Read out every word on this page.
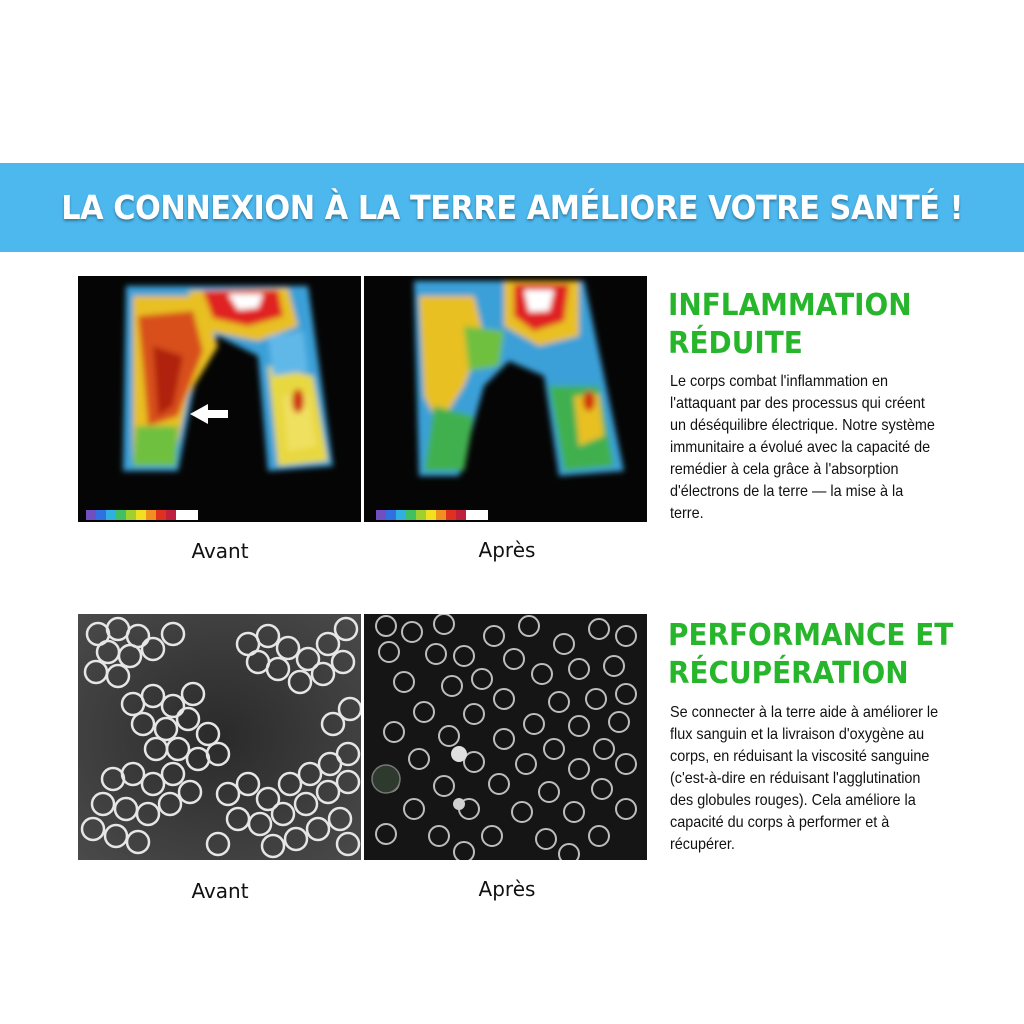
LA CONNEXION À LA TERRE AMÉLIORE VOTRE SANTÉ !
Avant	Après
INFLAMMATION
RÉDUITE
Le corps combat l'inflammation en l'attaquant par des processus qui créent un déséquilibre électrique. Notre système immunitaire a évolué avec la capacité de remédier à cela grâce à l'absorption d'électrons de la terre — la mise à la terre.
Avant	Après
PERFORMANCE ET
RÉCUPÉRATION
Se connecter à la terre aide à améliorer le flux sanguin et la livraison d'oxygène au corps, en réduisant la viscosité sanguine (c'est-à-dire en réduisant l'agglutination des globules rouges). Cela améliore la capacité du corps à performer et à récupérer.
